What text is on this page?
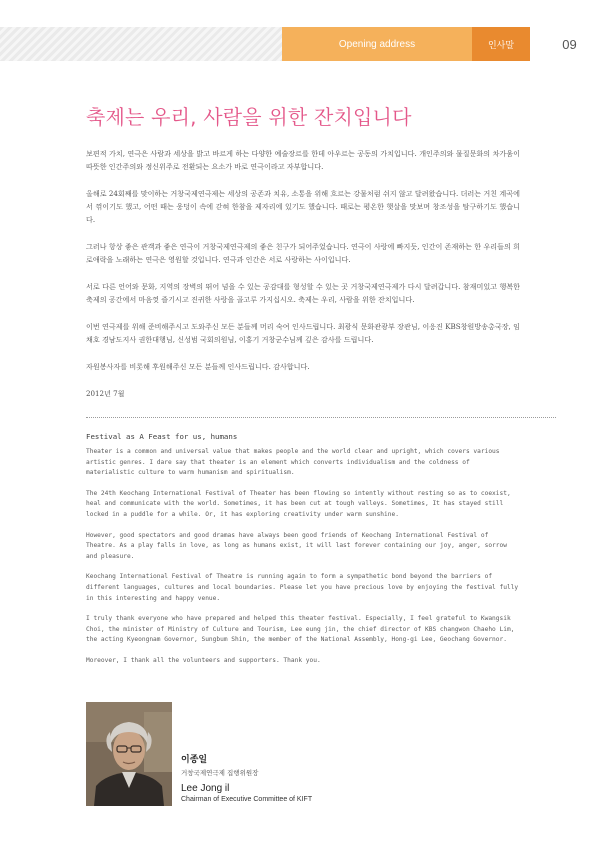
Opening address	인사말	09
축제는 우리, 사람을 위한 잔치입니다

보편적 가치, 연극은 사람과 세상을 밝고 바르게 하는 다양한 예술장르를 한데 아우르는 공동의 가치입니다. 개인주의와 물질문화의 차가움이 따뜻한 인간주의와 정신위주로 전환되는 요소가 바로 연극이라고 자부합니다.

올해로 24회째를 맞이하는 거창국제연극제는 세상의 공존과 치유, 소통을 위해 흐르는 강물처럼 쉬지 않고 달려왔습니다. 더러는 거친 계곡에서 꺾이기도 했고, 어떤 때는 웅덩이 속에 갇혀 한참을 제자리에 있기도 했습니다. 때로는 평온한 햇살을 맛보며 창조성을 탐구하기도 했습니다.

그러나 항상 좋은 관객과 좋은 연극이 거창국제연극제의 좋은 친구가 되어주었습니다. 연극이 사랑에 빠지듯, 인간이 존재하는 한 우리들의 희로애락을 노래하는 연극은 영원할 것입니다. 연극과 인간은 서로 사랑하는 사이입니다.

서로 다른 언어와 문화, 지역의 장벽의 뛰어 넘을 수 있는 공감대를 형성할 수 있는 곳 거창국제연극제가 다시 달려갑니다. 참재미있고 행복한 축제의 공간에서 마음껏 즐기시고 진귀한 사랑을 골고루 가지십시오. 축제는 우리, 사람을 위한 잔치입니다.

이번 연극제를 위해 준비해주시고 도와주신 모든 분들께 머리 숙여 인사드립니다. 최광식 문화관광부 장관님, 이응진 KBS창원방송총국장, 임채호 경남도지사 권한대행님, 신성범 국회의원님, 이홍기 거창군수님께 깊은 감사를 드립니다.

자원봉사자를 비롯해 후원해주신 모든 분들께 인사드립니다. 감사합니다.

2012년 7월

Festival as A Feast for us, humans

Theater is a common and universal value that makes people and the world clear and upright, which covers various artistic genres. I dare say that theater is an element which converts individualism and the coldness of materialistic culture to warm humanism and spiritualism.

The 24th Keochang International Festival of Theater has been flowing so intently without resting so as to coexist, heal and communicate with the world. Sometimes, it has been cut at tough valleys. Sometimes, It has stayed still locked in a puddle for a while. Or, it has exploring creativity under warm sunshine.

However, good spectators and good dramas have always been good friends of Keochang International Festival of Theatre. As a play falls in love, as long as humans exist, it will last forever containing our joy, anger, sorrow and pleasure.

Keochang International Festival of Theatre is running again to form a sympathetic bond beyond the barriers of different languages, cultures and local boundaries. Please let you have precious love by enjoying the festival fully in this interesting and happy venue.

I truly thank everyone who have prepared and helped this theater festival. Especially, I feel grateful to Kwangsik Choi, the minister of Ministry of Culture and Tourism, Lee eung jin, the chief director of KBS changwon Chaeho Lim, the acting Kyeongnam Governor, Sungbum Shin, the member of the National Assembly, Hong-gi Lee, Geochang Governor.

Moreover, I thank all the volunteers and supporters. Thank you.

이종일
거창국제연극제 집행위원장
Lee Jong il
Chairman of Executive Committee of KIFT
